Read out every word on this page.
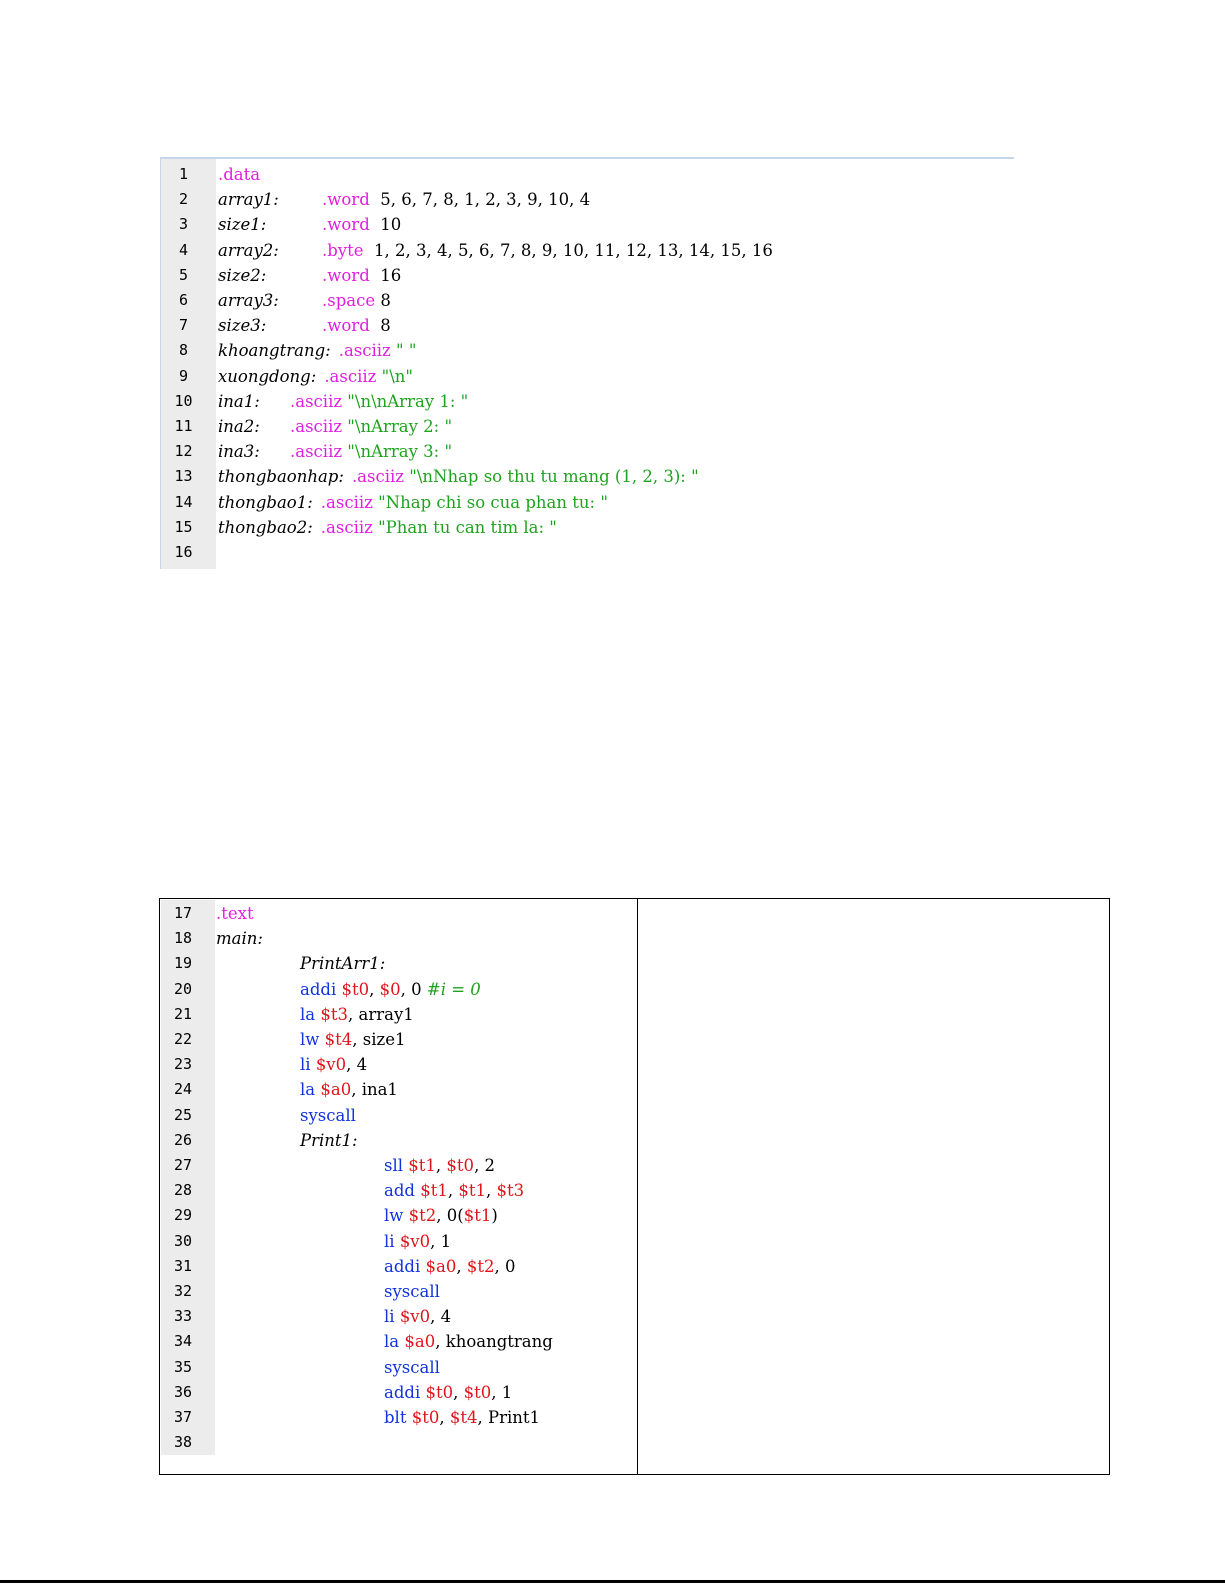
1	.data
2	array1:	.word  5, 6, 7, 8, 1, 2, 3, 9, 10, 4
3	size1:	.word  10
4	array2:	.byte  1, 2, 3, 4, 5, 6, 7, 8, 9, 10, 11, 12, 13, 14, 15, 16
5	size2:	.word  16
6	array3:	.space 8
7	size3:	.word  8
8	khoangtrang: .asciiz " "
9	xuongdong: .asciiz "\n"
10	ina1: .asciiz "\n\nArray 1: "
11	ina2: .asciiz "\nArray 2: "
12	ina3: .asciiz "\nArray 3: "
13	thongbaonhap: .asciiz "\nNhap so thu tu mang (1, 2, 3): "
14	thongbao1: .asciiz "Nhap chi so cua phan tu: "
15	thongbao2: .asciiz "Phan tu can tim la: "
16
17	.text
18	main:
19	PrintArr1:
20	addi $t0, $0, 0 #i = 0
21	la $t3, array1
22	lw $t4, size1
23	li $v0, 4
24	la $a0, ina1
25	syscall
26	Print1:
27	sll $t1, $t0, 2
28	add $t1, $t1, $t3
29	lw $t2, 0($t1)
30	li $v0, 1
31	addi $a0, $t2, 0
32	syscall
33	li $v0, 4
34	la $a0, khoangtrang
35	syscall
36	addi $t0, $t0, 1
37	blt $t0, $t4, Print1
38
